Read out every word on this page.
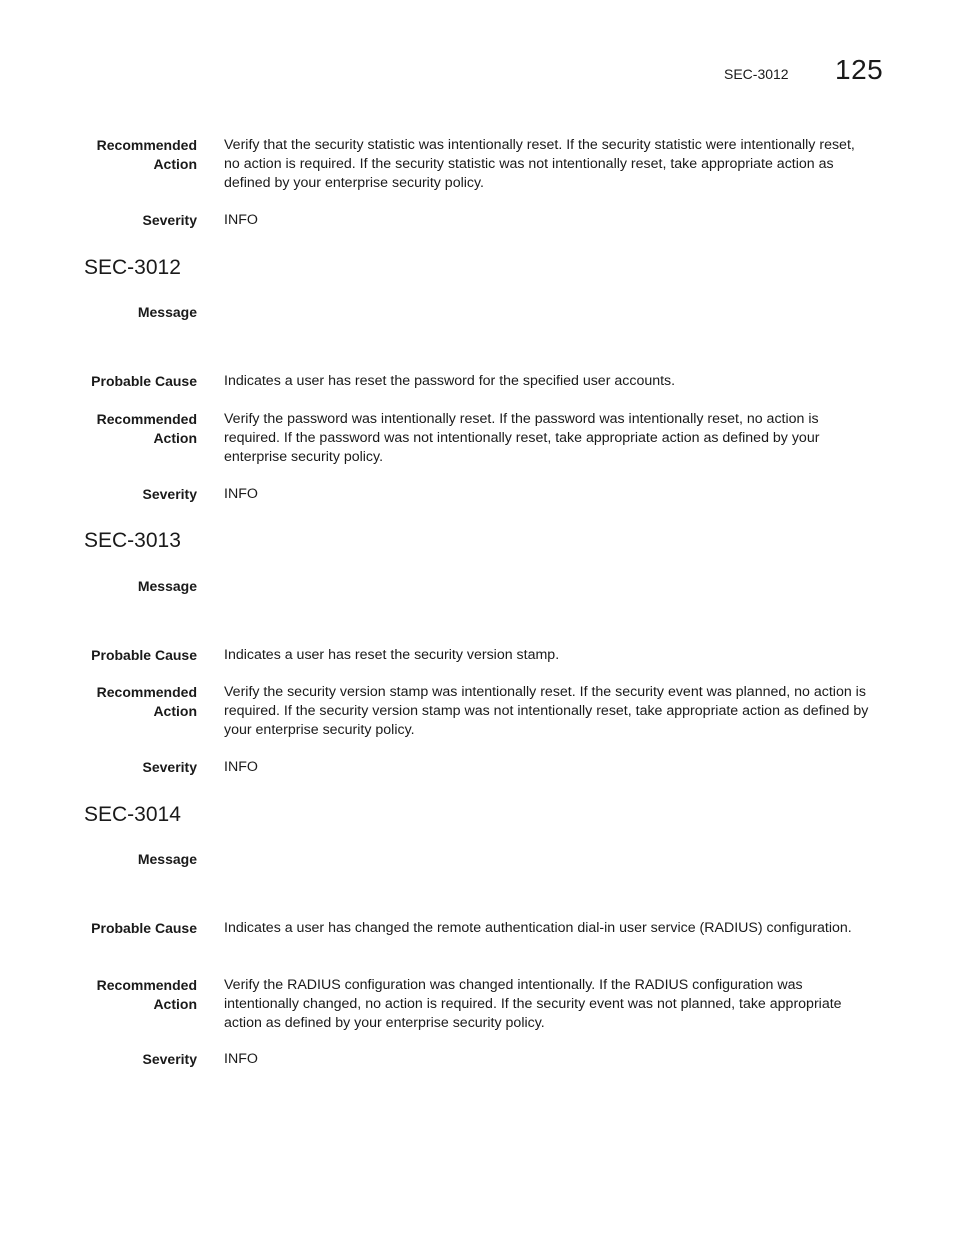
SEC-3012 125
Recommended Action
Verify that the security statistic was intentionally reset. If the security statistic were intentionally reset, no action is required. If the security statistic was not intentionally reset, take appropriate action as defined by your enterprise security policy.
Severity INFO
SEC-3012
Message
Probable Cause Indicates a user has reset the password for the specified user accounts.
Recommended Action
Verify the password was intentionally reset. If the password was intentionally reset, no action is required. If the password was not intentionally reset, take appropriate action as defined by your enterprise security policy.
Severity INFO
SEC-3013
Message
Probable Cause Indicates a user has reset the security version stamp.
Recommended Action
Verify the security version stamp was intentionally reset. If the security event was planned, no action is required. If the security version stamp was not intentionally reset, take appropriate action as defined by your enterprise security policy.
Severity INFO
SEC-3014
Message
Probable Cause Indicates a user has changed the remote authentication dial-in user service (RADIUS) configuration.
Recommended Action
Verify the RADIUS configuration was changed intentionally. If the RADIUS configuration was intentionally changed, no action is required. If the security event was not planned, take appropriate action as defined by your enterprise security policy.
Severity INFO
